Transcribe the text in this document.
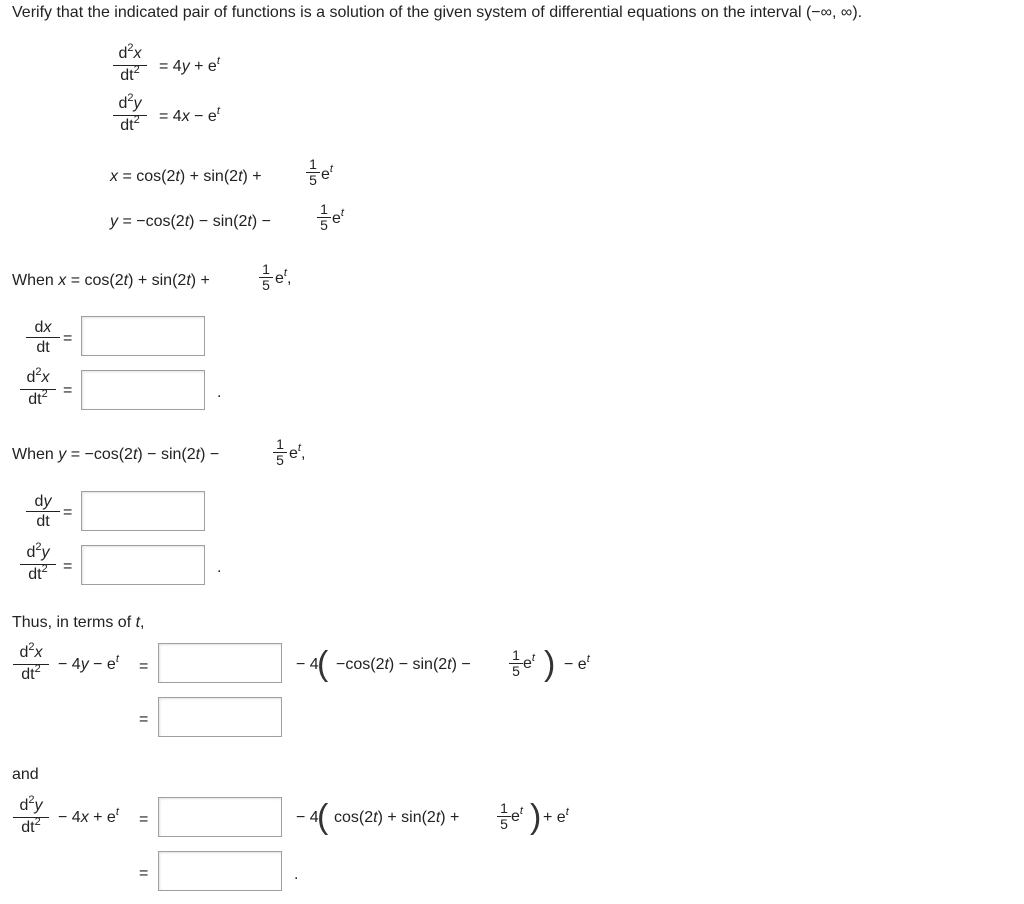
Verify that the indicated pair of functions is a solution of the given system of differential equations on the interval (−∞, ∞).
$d^2x$
$dt^2$	= $4y + e^t$
$d^2y$
$dt^2$	= $4x - e^t$
x = cos(2t) + sin(2t) +
1
5 $e^t$
y = −cos(2t) − sin(2t) −
1
5 $e^t$
When x = cos(2t) + sin(2t) +
1
5 $e^t$,
dx
dt
=
$d^2x$
$dt^2$ =	.
When y = −cos(2t) − sin(2t) −
1
5 $e^t$,
dy
dt
=
$d^2y$
$dt^2$ =	.
Thus, in terms of t,
$d^2x$
$dt^2$	− $4y - e^t$ =	− 4
( −cos(2t) − sin(2t) −
1
5 $e^t$ ) − $e^t$
=
and
$d^2y$
$dt^2$	− $4x + e^t$ =	− 4
( cos(2t) + sin(2t) +
1
5 $e^t$ ) + $e^t$
=	.
